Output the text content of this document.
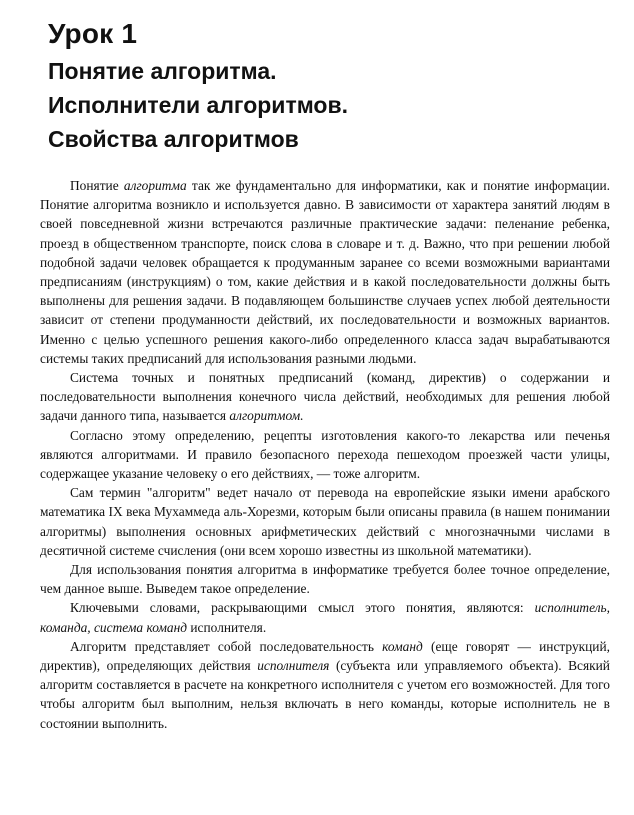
Урок 1
Понятие алгоритма.
Исполнители алгоритмов.
Свойства алгоритмов

Понятие алгоритма так же фундаментально для информатики, как и понятие информации. Понятие алгоритма возникло и используется давно. В зависимости от характера занятий людям в своей повседневной жизни встречаются различные практические задачи: пеленание ребенка, проезд в общественном транспорте, поиск слова в словаре и т. д. Важно, что при решении любой подобной задачи человек обращается к продуманным заранее со всеми возможными вариантами предписаниям (инструкциям) о том, какие действия и в какой последовательности должны быть выполнены для решения задачи. В подавляющем большинстве случаев успех любой деятельности зависит от степени продуманности действий, их последовательности и возможных вариантов. Именно с целью успешного решения какого-либо определенного класса задач вырабатываются системы таких предписаний для использования разными людьми.

Система точных и понятных предписаний (команд, директив) о содержании и последовательности выполнения конечного числа действий, необходимых для решения любой задачи данного типа, называется алгоритмом.

Согласно этому определению, рецепты изготовления какого-то лекарства или печенья являются алгоритмами. И правило безопасного перехода пешеходом проезжей части улицы, содержащее указание человеку о его действиях, — тоже алгоритм.

Сам термин "алгоритм" ведет начало от перевода на европейские языки имени арабского математика IX века Мухаммеда аль-Хорезми, которым были описаны правила (в нашем понимании алгоритмы) выполнения основных арифметических действий с многозначными числами в десятичной системе счисления (они всем хорошо известны из школьной математики).

Для использования понятия алгоритма в информатике требуется более точное определение, чем данное выше. Выведем такое определение.

Ключевыми словами, раскрывающими смысл этого понятия, являются: исполнитель, команда, система команд исполнителя.

Алгоритм представляет собой последовательность команд (еще говорят — инструкций, директив), определяющих действия исполнителя (субъекта или управляемого объекта). Всякий алгоритм составляется в расчете на конкретного исполнителя с учетом его возможностей. Для того чтобы алгоритм был выполним, нельзя включать в него команды, которые исполнитель не в состоянии выполнить.
